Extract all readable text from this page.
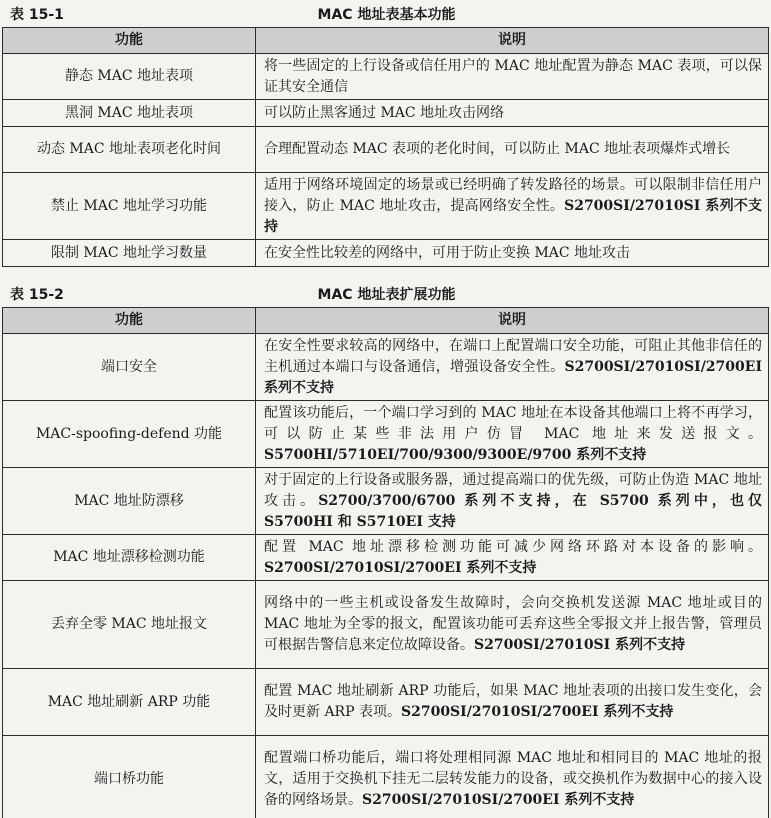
表 15-1	MAC 地址表基本功能
功能	说明
静态 MAC 地址表项	将一些固定的上行设备或信任用户的 MAC 地址配置为静态 MAC 表项，可以保证其安全通信
黑洞 MAC 地址表项	可以防止黑客通过 MAC 地址攻击网络
动态 MAC 地址表项老化时间	合理配置动态 MAC 表项的老化时间，可以防止 MAC 地址表项爆炸式增长
禁止 MAC 地址学习功能	适用于网络环境固定的场景或已经明确了转发路径的场景。可以限制非信任用户接入，防止 MAC 地址攻击，提高网络安全性。S2700SI/27010SI 系列不支持
限制 MAC 地址学习数量	在安全性比较差的网络中，可用于防止变换 MAC 地址攻击
表 15-2	MAC 地址表扩展功能
功能	说明
端口安全	在安全性要求较高的网络中，在端口上配置端口安全功能，可阻止其他非信任的主机通过本端口与设备通信，增强设备安全性。S2700SI/27010SI/2700EI 系列不支持
MAC-spoofing-defend 功能	配置该功能后，一个端口学习到的 MAC 地址在本设备其他端口上将不再学习，可以防止某些非法用户仿冒 MAC 地址来发送报文。S5700HI/5710EI/700/9300/9300E/9700 系列不支持
MAC 地址防漂移	对于固定的上行设备或服务器，通过提高端口的优先级，可防止伪造 MAC 地址攻击。S2700/3700/6700 系列不支持，在 S5700 系列中，也仅 S5700HI 和 S5710EI 支持
MAC 地址漂移检测功能	配置 MAC 地址漂移检测功能可减少网络环路对本设备的影响。S2700SI/27010SI/2700EI 系列不支持
丢弃全零 MAC 地址报文	网络中的一些主机或设备发生故障时，会向交换机发送源 MAC 地址或目的 MAC 地址为全零的报文，配置该功能可丢弃这些全零报文并上报告警，管理员可根据告警信息来定位故障设备。S2700SI/27010SI 系列不支持
MAC 地址刷新 ARP 功能	配置 MAC 地址刷新 ARP 功能后，如果 MAC 地址表项的出接口发生变化，会及时更新 ARP 表项。S2700SI/27010SI/2700EI 系列不支持
端口桥功能	配置端口桥功能后，端口将处理相同源 MAC 地址和相同目的 MAC 地址的报文，适用于交换机下挂无二层转发能力的设备，或交换机作为数据中心的接入设备的网络场景。S2700SI/27010SI/2700EI 系列不支持
